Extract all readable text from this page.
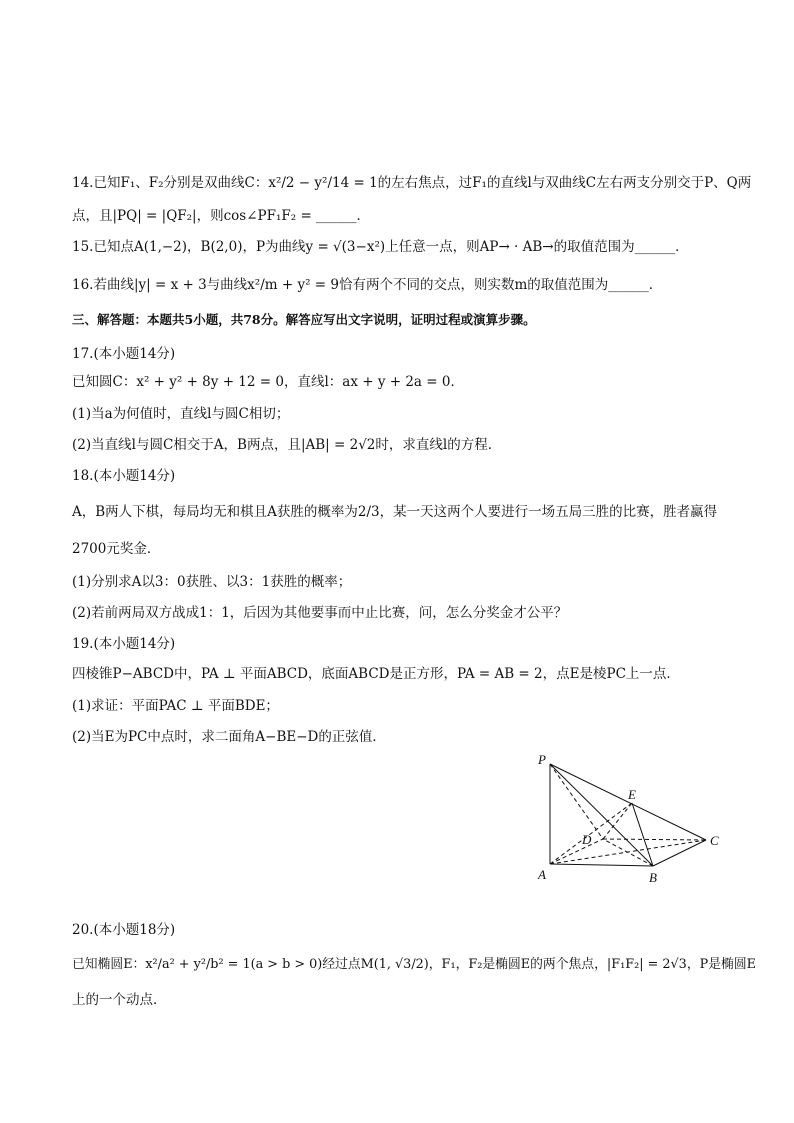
14.已知F₁、F₂分别是双曲线C：x²/2 − y²/14 = 1的左右焦点，过F₁的直线l与双曲线C左右两支分别交于P、Q两
点，且|PQ| = |QF₂|，则cos∠PF₁F₂ = ______．
15.已知点A(1,−2)，B(2,0)，P为曲线y = √(3−x²)上任意一点，则AP→ · AB→的取值范围为______．
16.若曲线|y| = x + 3与曲线x²/m + y² = 9恰有两个不同的交点，则实数m的取值范围为______．
三、解答题：本题共5小题，共78分。解答应写出文字说明，证明过程或演算步骤。
17.(本小题14分)
已知圆C：x² + y² + 8y + 12 = 0，直线l：ax + y + 2a = 0．
(1)当a为何值时，直线l与圆C相切；
(2)当直线l与圆C相交于A，B两点，且|AB| = 2√2时，求直线l的方程．
18.(本小题14分)
A，B两人下棋，每局均无和棋且A获胜的概率为2/3，某一天这两个人要进行一场五局三胜的比赛，胜者赢得
2700元奖金．
(1)分别求A以3：0获胜、以3：1获胜的概率；
(2)若前两局双方战成1：1，后因为其他要事而中止比赛，问，怎么分奖金才公平？
19.(本小题14分)
四棱锥P−ABCD中，PA ⊥ 平面ABCD，底面ABCD是正方形，PA = AB = 2，点E是棱PC上一点．
(1)求证：平面PAC ⊥ 平面BDE；
(2)当E为PC中点时，求二面角A−BE−D的正弦值．
P
E
D	C
A	B
20.(本小题18分)
已知椭圆E：x²/a² + y²/b² = 1(a > b > 0)经过点M(1, √3/2)，F₁，F₂是椭圆E的两个焦点，|F₁F₂| = 2√3，P是椭圆E
上的一个动点．
